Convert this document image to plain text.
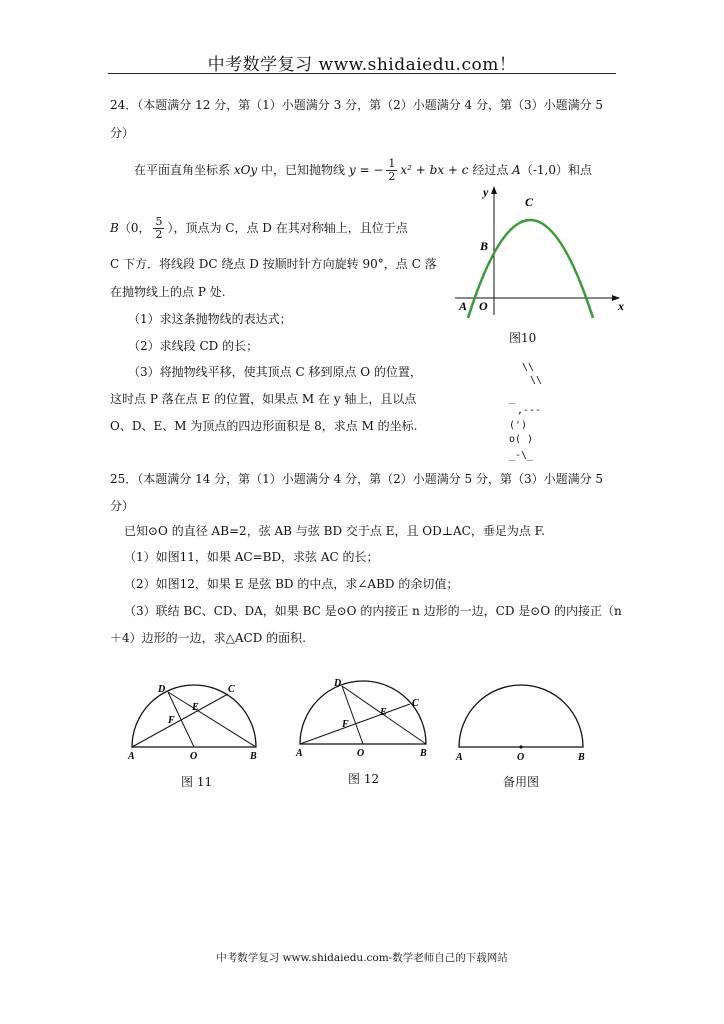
中考数学复习 www.shidaiedu.com！
24．（本题满分 12 分，第（1）小题满分 3 分，第（2）小题满分 4 分，第（3）小题满分 5
分）
在平面直角坐标系 xOy 中，已知抛物线 y = − $\frac{1}{2} x^2$ + bx + c 经过点 A（-1,0）和点
B（0， $\frac{5}{2}$ ），顶点为 C，点 D 在其对称轴上，且位于点
C 下方．将线段 DC 绕点 D 按顺时针方向旋转 90°，点 C 落
在抛物线上的点 P 处.
（1）求这条抛物线的表达式；
（2）求线段 CD 的长；
（3）将抛物线平移，使其顶点 C 移到原点 O 的位置，
这时点 P 落在点 E 的位置，如果点 M 在 y 轴上，且以点
O、D、E、M 为顶点的四边形面积是 8，求点 M 的坐标.
y
C
B
A O	x
图10
\\
\\
_
,---
(')
o( )
_-\_
25．（本题满分 14 分，第（1）小题满分 4 分，第（2）小题满分 5 分，第（3）小题满分 5
分）
已知⊙O 的直径 AB=2，弦 AB 与弦 BD 交于点 E，且 OD⊥AC，垂足为点 F.
（1）如图11，如果 AC=BD，求弦 AC 的长；
（2）如图12，如果 E 是弦 BD 的中点，求∠ABD 的余切值；
（3）联结 BC、CD、DA，如果 BC 是⊙O 的内接正 n 边形的一边，CD 是⊙O 的内接正（n
＋4）边形的一边，求△ACD 的面积.
D	C
E
F
A	O	B
图 11
D
C
E
F
A	O	B
图 12
A	O	B
备用图
中考数学复习 www.shidaiedu.com-数学老师自己的下载网站
